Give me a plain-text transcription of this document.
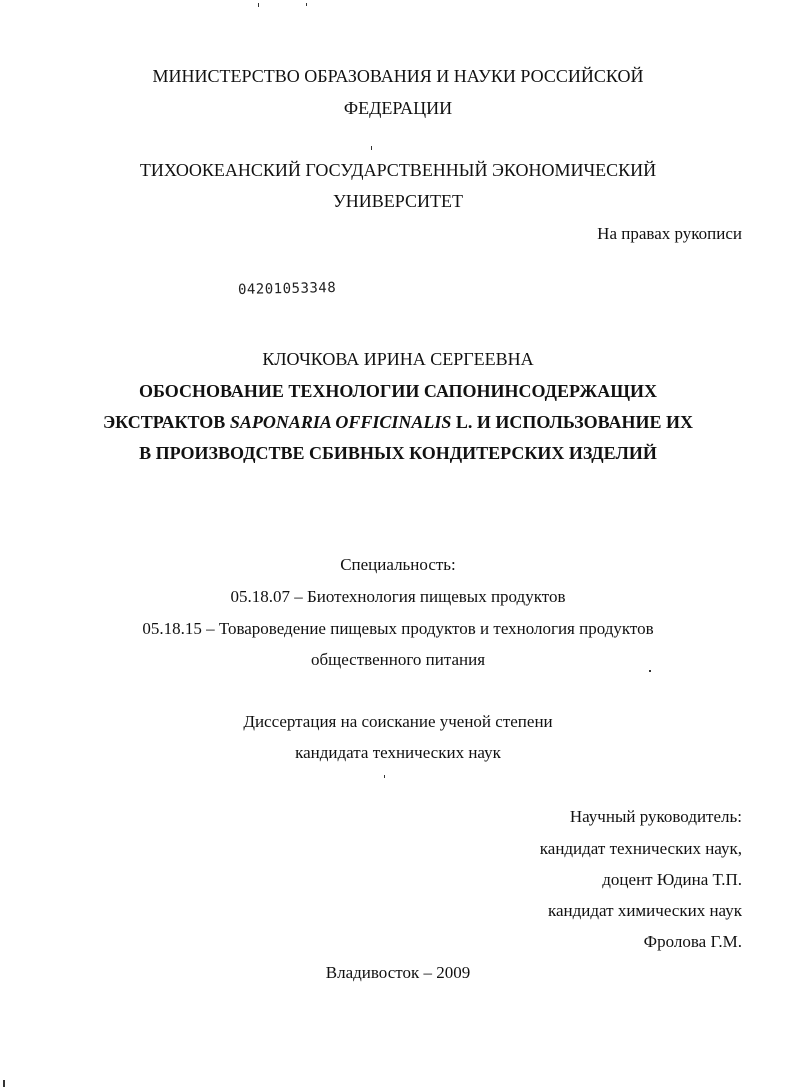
МИНИСТЕРСТВО ОБРАЗОВАНИЯ И НАУКИ РОССИЙСКОЙ
ФЕДЕРАЦИИ
ТИХООКЕАНСКИЙ ГОСУДАРСТВЕННЫЙ ЭКОНОМИЧЕСКИЙ
УНИВЕРСИТЕТ
На правах рукописи
04201053348
КЛОЧКОВА ИРИНА СЕРГЕЕВНА
ОБОСНОВАНИЕ ТЕХНОЛОГИИ САПОНИНСОДЕРЖАЩИХ
ЭКСТРАКТОВ SAPONARIA OFFICINALIS L. И ИСПОЛЬЗОВАНИЕ ИХ
В ПРОИЗВОДСТВЕ СБИВНЫХ КОНДИТЕРСКИХ ИЗДЕЛИЙ
Специальность:
05.18.07 – Биотехнология пищевых продуктов
05.18.15 – Товароведение пищевых продуктов и технология продуктов
общественного питания
Диссертация на соискание ученой степени
кандидата технических наук
Научный руководитель:
кандидат технических наук,
доцент Юдина Т.П.
кандидат химических наук
Фролова Г.М.
Владивосток – 2009
